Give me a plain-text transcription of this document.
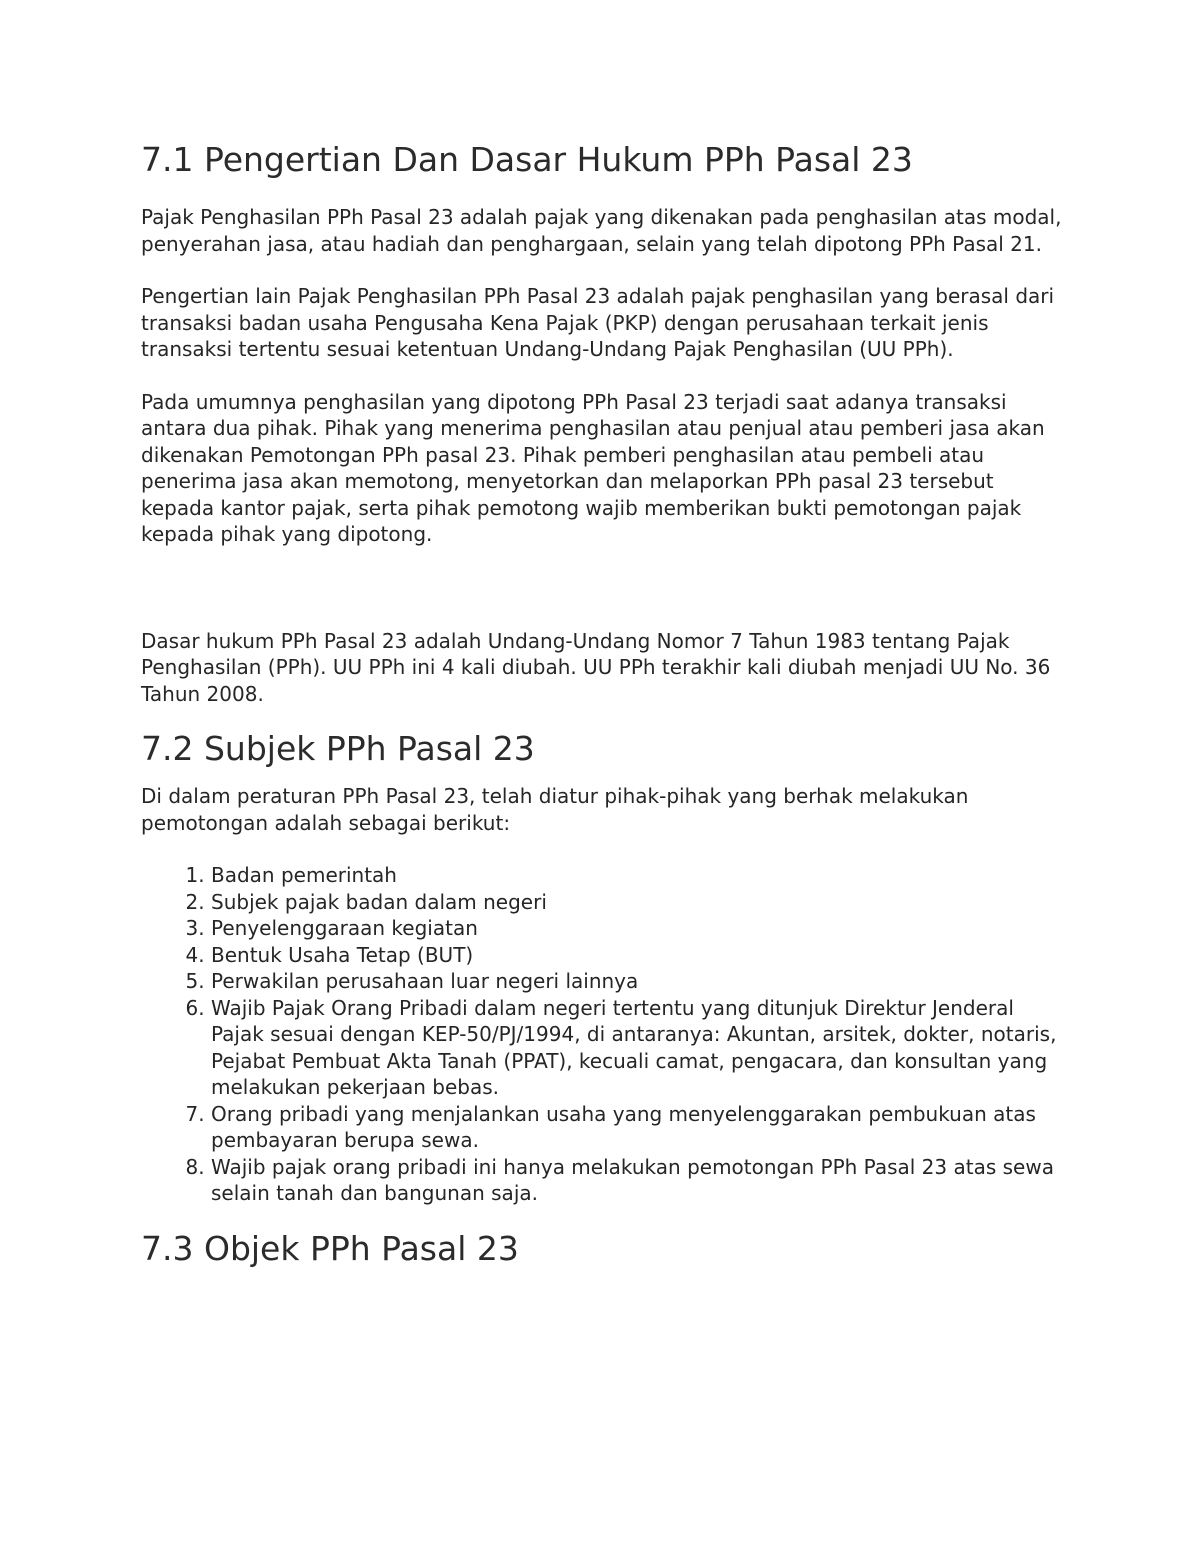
7.1 Pengertian Dan Dasar Hukum PPh Pasal 23

Pajak Penghasilan PPh Pasal 23 adalah pajak yang dikenakan pada penghasilan atas modal, penyerahan jasa, atau hadiah dan penghargaan, selain yang telah dipotong PPh Pasal 21.

Pengertian lain Pajak Penghasilan PPh Pasal 23 adalah pajak penghasilan yang berasal dari transaksi badan usaha Pengusaha Kena Pajak (PKP) dengan perusahaan terkait jenis transaksi tertentu sesuai ketentuan Undang-Undang Pajak Penghasilan (UU PPh).

Pada umumnya penghasilan yang dipotong PPh Pasal 23 terjadi saat adanya transaksi antara dua pihak. Pihak yang menerima penghasilan atau penjual atau pemberi jasa akan dikenakan Pemotongan PPh pasal 23. Pihak pemberi penghasilan atau pembeli atau penerima jasa akan memotong, menyetorkan dan melaporkan PPh pasal 23 tersebut kepada kantor pajak, serta pihak pemotong wajib memberikan bukti pemotongan pajak kepada pihak yang dipotong.

Dasar hukum PPh Pasal 23 adalah Undang-Undang Nomor 7 Tahun 1983 tentang Pajak Penghasilan (PPh). UU PPh ini 4 kali diubah. UU PPh terakhir kali diubah menjadi UU No. 36 Tahun 2008.

7.2 Subjek PPh Pasal 23

Di dalam peraturan PPh Pasal 23, telah diatur pihak-pihak yang berhak melakukan pemotongan adalah sebagai berikut:

1. Badan pemerintah
2. Subjek pajak badan dalam negeri
3. Penyelenggaraan kegiatan
4. Bentuk Usaha Tetap (BUT)
5. Perwakilan perusahaan luar negeri lainnya
6. Wajib Pajak Orang Pribadi dalam negeri tertentu yang ditunjuk Direktur Jenderal Pajak sesuai dengan KEP-50/PJ/1994, di antaranya: Akuntan, arsitek, dokter, notaris, Pejabat Pembuat Akta Tanah (PPAT), kecuali camat, pengacara, dan konsultan yang melakukan pekerjaan bebas.
7. Orang pribadi yang menjalankan usaha yang menyelenggarakan pembukuan atas pembayaran berupa sewa.
8. Wajib pajak orang pribadi ini hanya melakukan pemotongan PPh Pasal 23 atas sewa selain tanah dan bangunan saja.
7.3 Objek PPh Pasal 23
